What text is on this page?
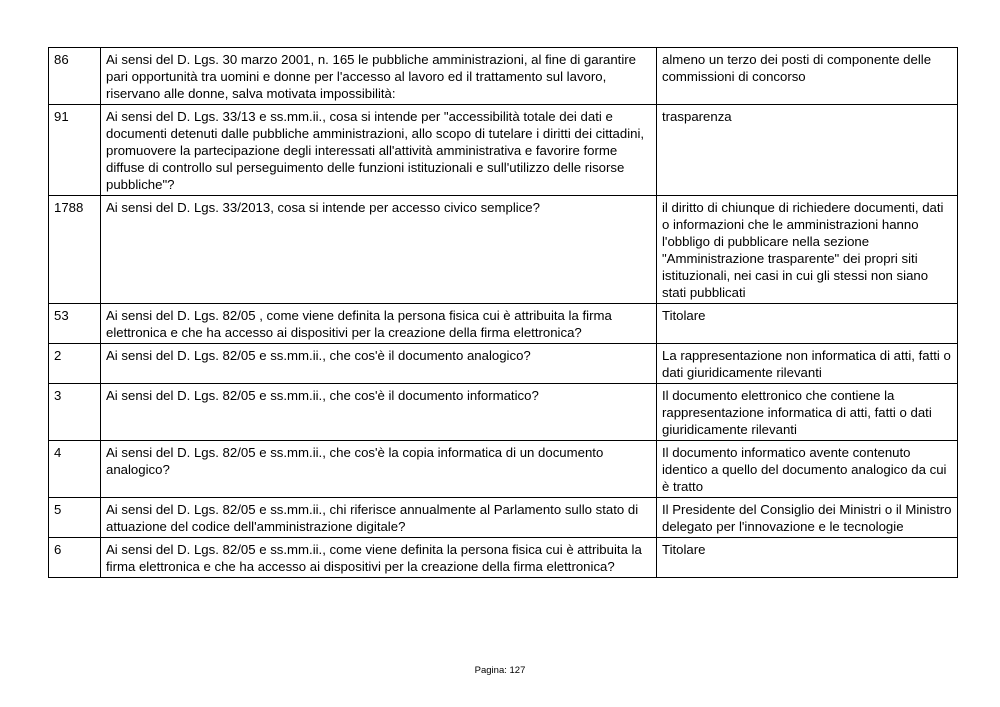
86	Ai sensi del D. Lgs. 30 marzo 2001, n. 165 le pubbliche amministrazioni, al fine di garantire pari opportunità tra uomini e donne per l'accesso al lavoro ed il trattamento sul lavoro, riservano alle donne, salva motivata impossibilità:	almeno un terzo dei posti di componente delle commissioni di concorso
91	Ai sensi del D. Lgs. 33/13 e ss.mm.ii., cosa si intende per "accessibilità totale dei dati e documenti detenuti dalle pubbliche amministrazioni, allo scopo di tutelare i diritti dei cittadini, promuovere la partecipazione degli interessati all'attività amministrativa e favorire forme diffuse di controllo sul perseguimento delle funzioni istituzionali e sull'utilizzo delle risorse pubbliche"?	trasparenza
1788	Ai sensi del D. Lgs. 33/2013, cosa si intende per accesso civico semplice?	il diritto di chiunque di richiedere documenti, dati o informazioni che le amministrazioni hanno l'obbligo di pubblicare nella sezione "Amministrazione trasparente" dei propri siti istituzionali, nei casi in cui gli stessi non siano stati pubblicati
53	Ai sensi del D. Lgs. 82/05 , come viene definita la persona fisica cui è attribuita la firma elettronica e che ha accesso ai dispositivi per la creazione della firma elettronica?	Titolare
2	Ai sensi del D. Lgs. 82/05 e ss.mm.ii., che cos'è il documento analogico?	La rappresentazione non informatica di atti, fatti o dati giuridicamente rilevanti
3	Ai sensi del D. Lgs. 82/05 e ss.mm.ii., che cos'è il documento informatico?	Il documento elettronico che contiene la rappresentazione informatica di atti, fatti o dati giuridicamente rilevanti
4	Ai sensi del D. Lgs. 82/05 e ss.mm.ii., che cos'è la copia informatica di un documento analogico?	Il documento informatico avente contenuto identico a quello del documento analogico da cui è tratto
5	Ai sensi del D. Lgs. 82/05 e ss.mm.ii., chi riferisce annualmente al Parlamento sullo stato di attuazione del codice dell'amministrazione digitale?	Il Presidente del Consiglio dei Ministri o il Ministro delegato per l'innovazione e le tecnologie
6	Ai sensi del D. Lgs. 82/05 e ss.mm.ii., come viene definita la persona fisica cui è attribuita la firma elettronica e che ha accesso ai dispositivi per la creazione della firma elettronica?	Titolare
Pagina: 127
